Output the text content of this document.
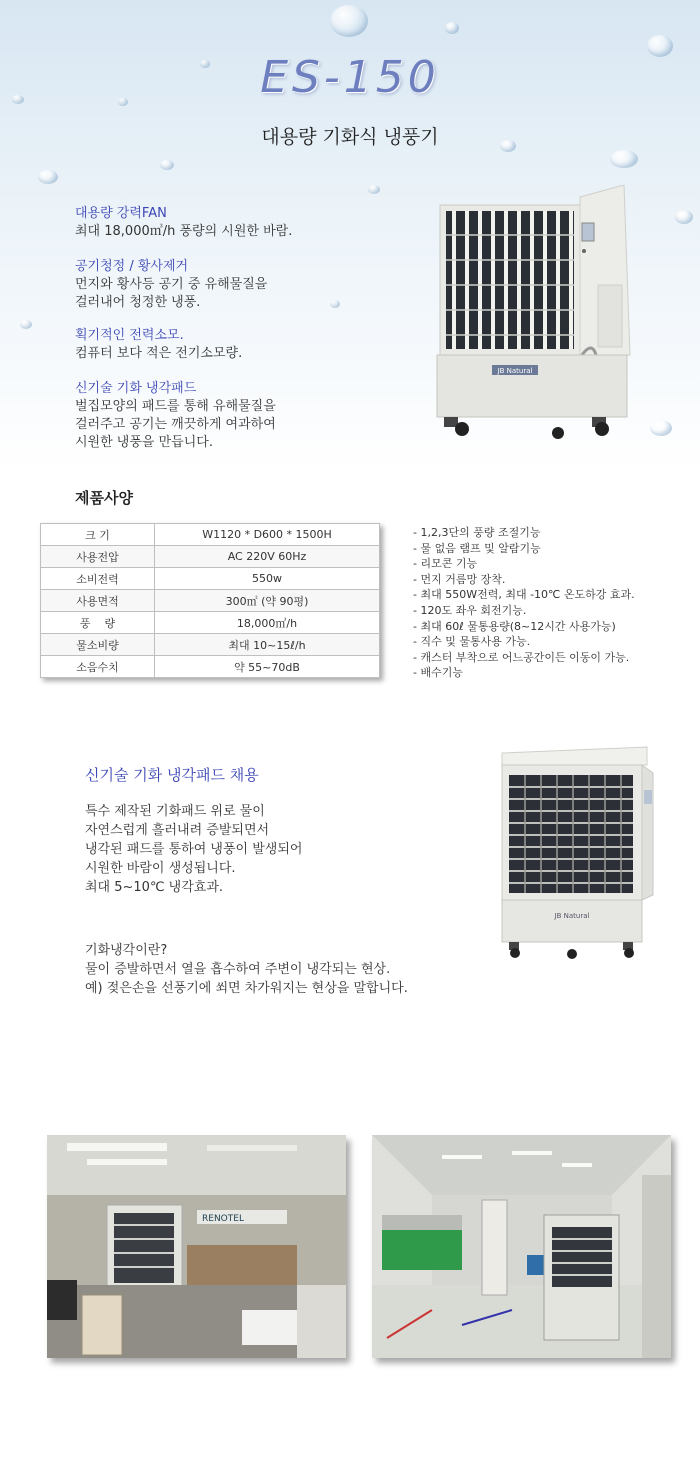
ES-150
대용량 기화식 냉풍기
대용량 강력FAN
최대 18,000㎥/h 풍량의 시원한 바람.
공기청정 / 황사제거
먼지와 황사등 공기 중 유해물질을
걸러내어 청정한 냉풍.
획기적인 전력소모.
컴퓨터 보다 적은 전기소모량.
신기술 기화 냉각패드
벌집모양의 패드를 통해 유해물질을
걸러주고 공기는 깨끗하게 여과하여
시원한 냉풍을 만듭니다.
JB Natural
제품사양
크 기	W1120 * D600 * 1500H
사용전압	AC 220V 60Hz
소비전력	550w
사용면적	300㎡ (약 90평)
풍    량	18,000㎥/h
물소비량	최대 10~15ℓ/h
소음수치	약 55~70dB
- 1,2,3단의 풍량 조절기능
- 물 없음 램프 및 알람기능
- 리모콘 기능
- 먼지 거름망 장착.
- 최대 550W전력, 최대 -10℃ 온도하강 효과.
- 120도 좌우 회전기능.
- 최대 60ℓ 물통용량(8~12시간 사용가능)
- 직수 및 물통사용 가능.
- 캐스터 부착으로 어느공간이든 이동이 가능.
- 배수기능
신기술 기화 냉각패드 채용
특수 제작된 기화패드 위로 물이
자연스럽게 흘러내려 증발되면서
냉각된 패드를 통하여 냉풍이 발생되어
시원한 바람이 생성됩니다.
최대 5~10℃ 냉각효과.
기화냉각이란?
물이 증발하면서 열을 흡수하여 주변이 냉각되는 현상.
예) 젖은손을 선풍기에 쐬면 차가워지는 현상을 말합니다.
JB Natural
RENOTEL
